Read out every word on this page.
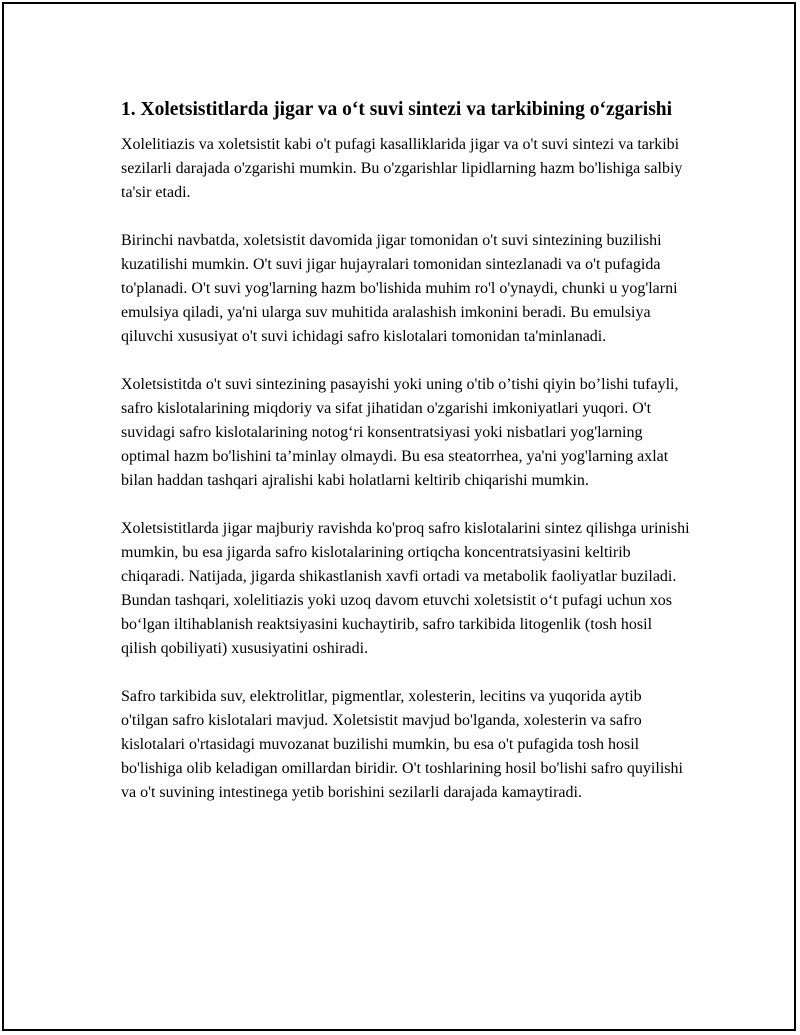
1. Xoletsistitlarda jigar va o‘t suvi sintezi va tarkibining o‘zgarishi

Xolelitiazis va xoletsistit kabi o't pufagi kasalliklarida jigar va o't suvi sintezi va tarkibi sezilarli darajada o'zgarishi mumkin. Bu o'zgarishlar lipidlarning hazm bo'lishiga salbiy ta'sir etadi.

Birinchi navbatda, xoletsistit davomida jigar tomonidan o't suvi sintezining buzilishi kuzatilishi mumkin. O't suvi jigar hujayralari tomonidan sintezlanadi va o't pufagida to'planadi. O't suvi yog'larning hazm bo'lishida muhim ro'l o'ynaydi, chunki u yog'larni emulsiya qiladi, ya'ni ularga suv muhitida aralashish imkonini beradi. Bu emulsiya qiluvchi xususiyat o't suvi ichidagi safro kislotalari tomonidan ta'minlanadi.

Xoletsistitda o't suvi sintezining pasayishi yoki uning o'tib o’tishi qiyin bo’lishi tufayli, safro kislotalarining miqdoriy va sifat jihatidan o'zgarishi imkoniyatlari yuqori. O't suvidagi safro kislotalarining notog‘ri konsentratsiyasi yoki nisbatlari yog'larning optimal hazm bo'lishini ta’minlay olmaydi. Bu esa steatorrhea, ya'ni yog'larning axlat bilan haddan tashqari ajralishi kabi holatlarni keltirib chiqarishi mumkin.

Xoletsistitlarda jigar majburiy ravishda ko'proq safro kislotalarini sintez qilishga urinishi mumkin, bu esa jigarda safro kislotalarining ortiqcha koncentratsiyasini keltirib chiqaradi. Natijada, jigarda shikastlanish xavfi ortadi va metabolik faoliyatlar buziladi. Bundan tashqari, xolelitiazis yoki uzoq davom etuvchi xoletsistit o‘t pufagi uchun xos bo‘lgan iltihablanish reaktsiyasini kuchaytirib, safro tarkibida litogenlik (tosh hosil qilish qobiliyati) xususiyatini oshiradi.

Safro tarkibida suv, elektrolitlar, pigmentlar, xolesterin, lecitins va yuqorida aytib o'tilgan safro kislotalari mavjud. Xoletsistit mavjud bo'lganda, xolesterin va safro kislotalari o'rtasidagi muvozanat buzilishi mumkin, bu esa o't pufagida tosh hosil bo'lishiga olib keladigan omillardan biridir. O't toshlarining hosil bo'lishi safro quyilishi va o't suvining intestinega yetib borishini sezilarli darajada kamaytiradi.
